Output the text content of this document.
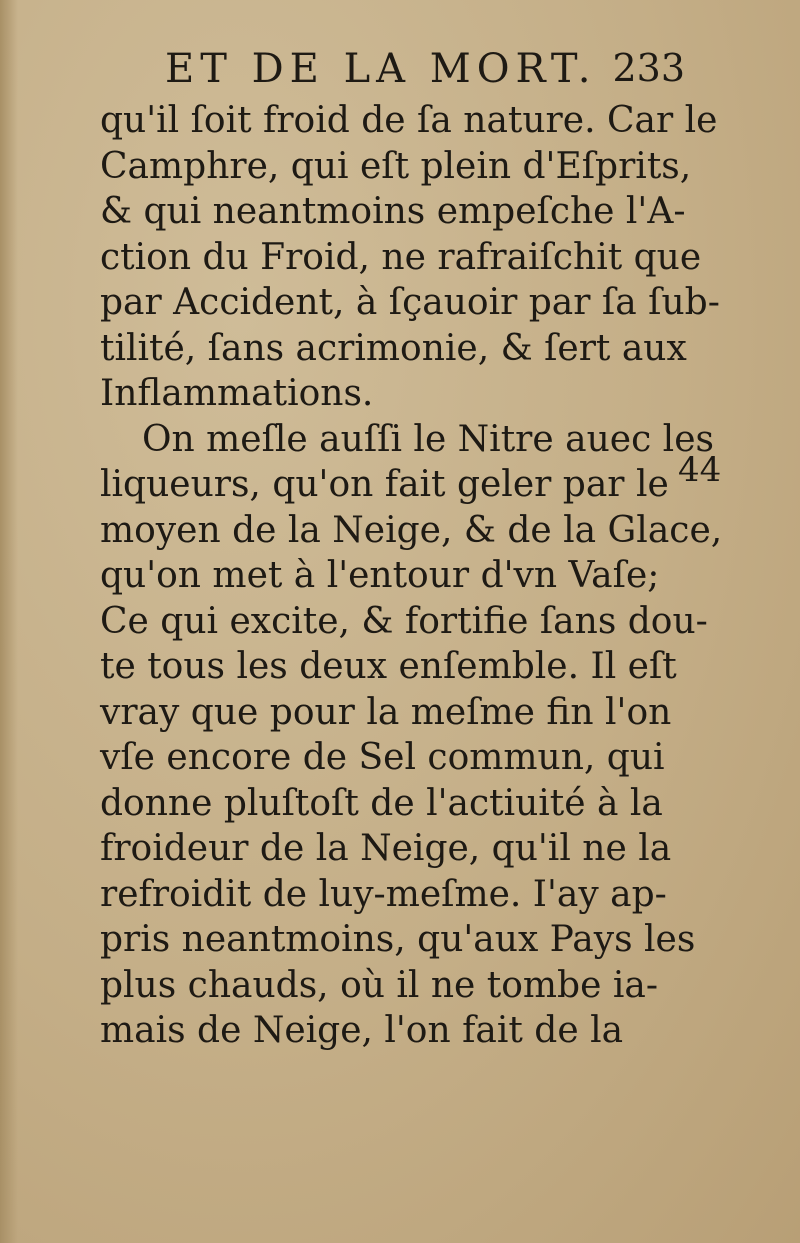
ET DE LA MORT. 233
qu'il ſoit froid de ſa nature. Car le
Camphre, qui eſt plein d'Eſprits,
& qui neantmoins empeſche l'A-
ction du Froid, ne rafraiſchit que
par Accident, à ſçauoir par ſa ſub-
tilité, ſans acrimonie, & ſert aux
Inflammations.
On meſle auſſi le Nitre auec les
liqueurs, qu'on fait geler par le
moyen de la Neige, & de la Glace,
qu'on met à l'entour d'vn Vaſe;
Ce qui excite, & fortifie ſans dou-
te tous les deux enſemble. Il eſt
vray que pour la meſme fin l'on
vſe encore de Sel commun, qui
donne pluſtoſt de l'actiuité à la
froideur de la Neige, qu'il ne la
refroidit de luy-meſme. I'ay ap-
pris neantmoins, qu'aux Pays les
plus chauds, où il ne tombe ia-
mais de Neige, l'on fait de la
44
